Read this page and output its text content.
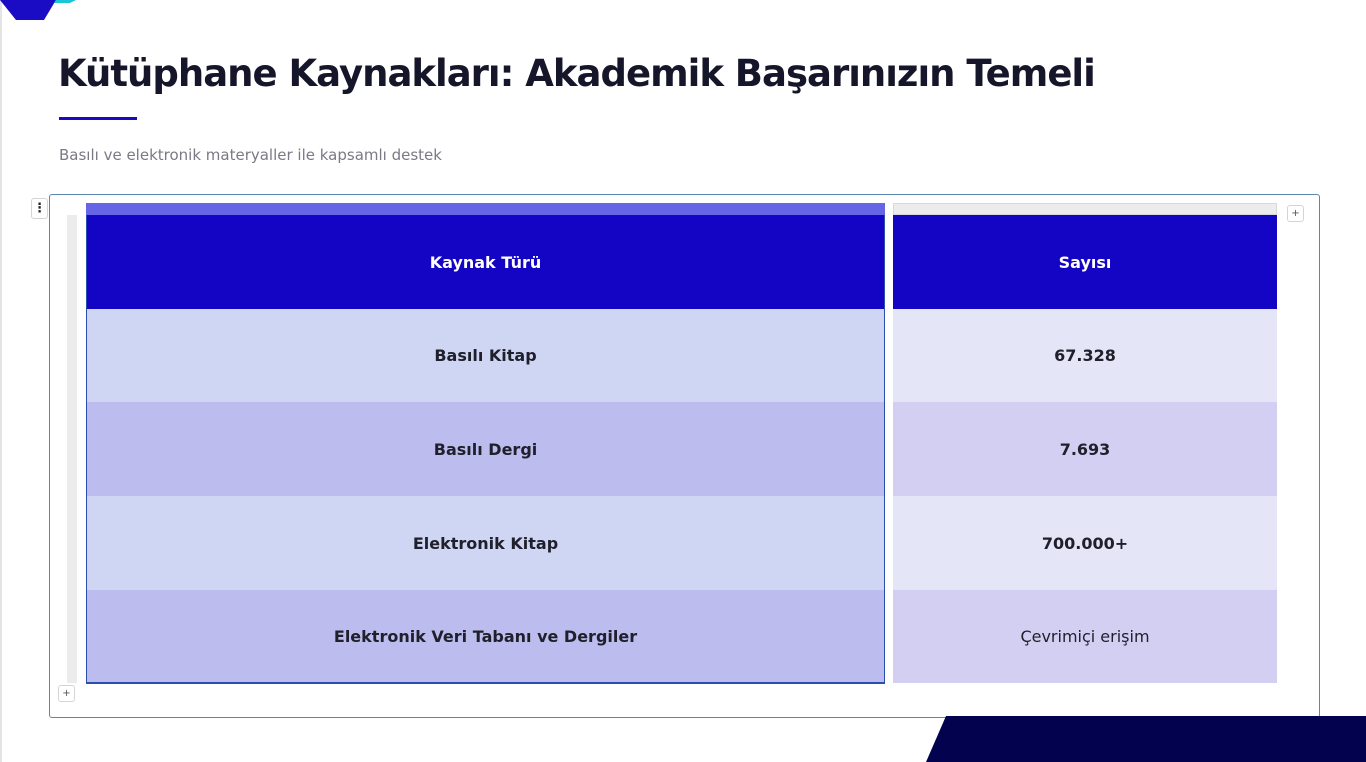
Kütüphane Kaynakları: Akademik Başarınızın Temeli
Basılı ve elektronik materyaller ile kapsamlı destek
⋮	+
+
Kaynak Türü	Sayısı
Basılı Kitap	67.328
Basılı Dergi	7.693
Elektronik Kitap	700.000+
Elektronik Veri Tabanı ve Dergiler	Çevrimiçi erişim
